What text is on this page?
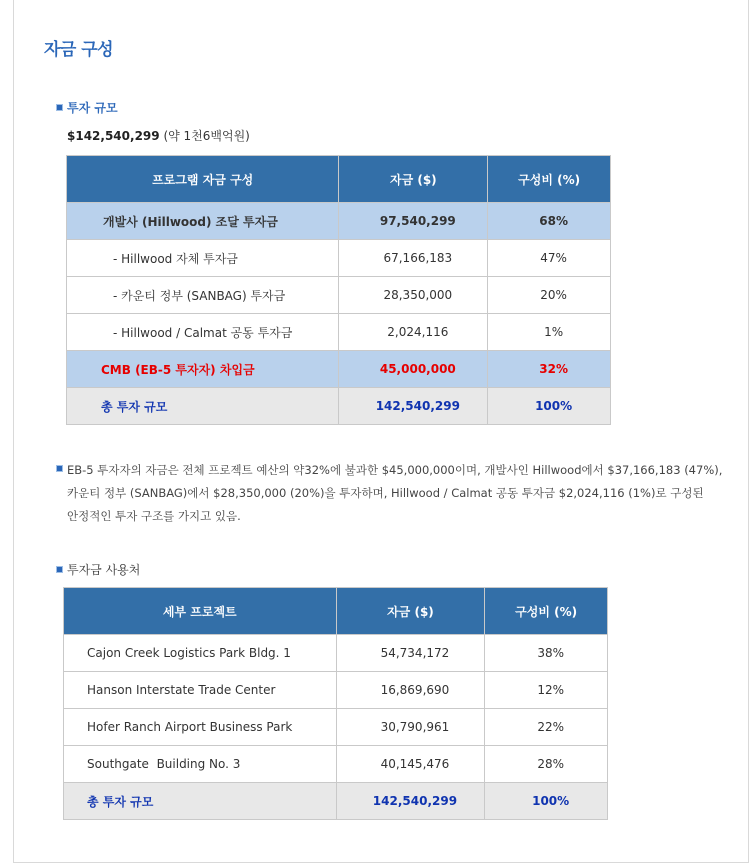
자금 구성
투자 규모
$142,540,299 (약 1천6백억원)
프로그램 자금 구성	자금 ($)	구성비 (%)
개발사 (Hillwood) 조달 투자금	97,540,299	68%
- Hillwood 자체 투자금	67,166,183	47%
- 카운티 정부 (SANBAG) 투자금	28,350,000	20%
- Hillwood / Calmat 공동 투자금	2,024,116	1%
CMB (EB-5 투자자) 차입금	45,000,000	32%
총 투자 규모	142,540,299	100%
EB-5 투자자의 자금은 전체 프로젝트 예산의 약32%에 불과한 $45,000,000이며, 개발사인 Hillwood에서 $37,166,183 (47%),
카운티 정부 (SANBAG)에서 $28,350,000 (20%)을 투자하며, Hillwood / Calmat 공동 투자금 $2,024,116 (1%)로 구성된
안정적인 투자 구조를 가지고 있음.
투자금 사용처
세부 프로젝트	자금 ($)	구성비 (%)
Cajon Creek Logistics Park Bldg. 1	54,734,172	38%
Hanson Interstate Trade Center	16,869,690	12%
Hofer Ranch Airport Business Park	30,790,961	22%
Southgate  Building No. 3	40,145,476	28%
총 투자 규모	142,540,299	100%
